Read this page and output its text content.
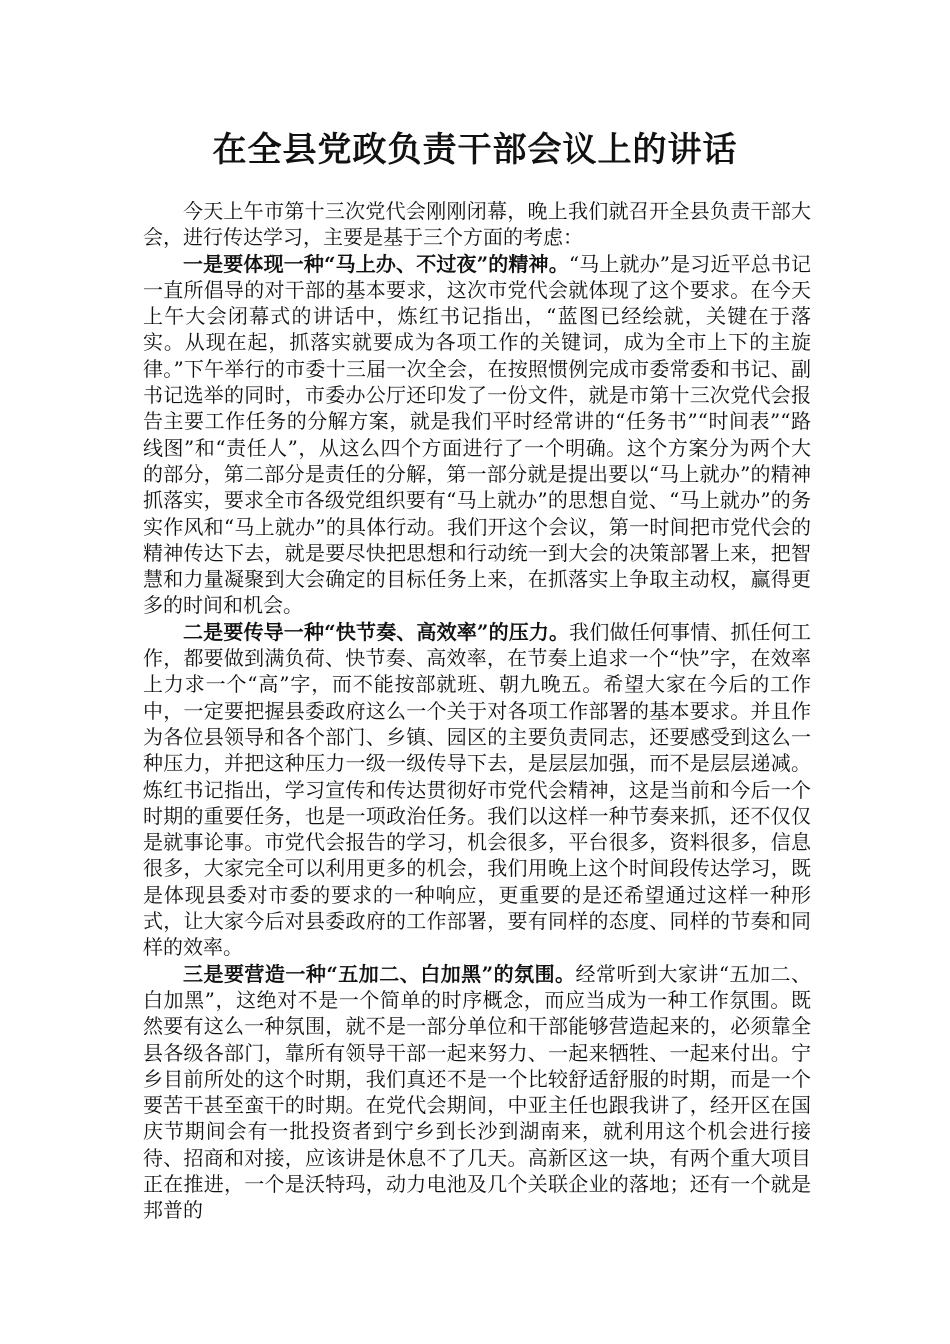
在全县党政负责干部会议上的讲话

今天上午市第十三次党代会刚刚闭幕，晚上我们就召开全县负责干部大会，进行传达学习，主要是基于三个方面的考虑：

一是要体现一种“马上办、不过夜”的精神。“马上就办”是习近平总书记一直所倡导的对干部的基本要求，这次市党代会就体现了这个要求。在今天上午大会闭幕式的讲话中，炼红书记指出，“蓝图已经绘就，关键在于落实。从现在起，抓落实就要成为各项工作的关键词，成为全市上下的主旋律。”下午举行的市委十三届一次全会，在按照惯例完成市委常委和书记、副书记选举的同时，市委办公厅还印发了一份文件，就是市第十三次党代会报告主要工作任务的分解方案，就是我们平时经常讲的“任务书”“时间表”“路线图”和“责任人”，从这么四个方面进行了一个明确。这个方案分为两个大的部分，第二部分是责任的分解，第一部分就是提出要以“马上就办”的精神抓落实，要求全市各级党组织要有“马上就办”的思想自觉、“马上就办”的务实作风和“马上就办”的具体行动。我们开这个会议，第一时间把市党代会的精神传达下去，就是要尽快把思想和行动统一到大会的决策部署上来，把智慧和力量凝聚到大会确定的目标任务上来，在抓落实上争取主动权，赢得更多的时间和机会。

二是要传导一种“快节奏、高效率”的压力。我们做任何事情、抓任何工作，都要做到满负荷、快节奏、高效率，在节奏上追求一个“快”字，在效率上力求一个“高”字，而不能按部就班、朝九晚五。希望大家在今后的工作中，一定要把握县委政府这么一个关于对各项工作部署的基本要求。并且作为各位县领导和各个部门、乡镇、园区的主要负责同志，还要感受到这么一种压力，并把这种压力一级一级传导下去，是层层加强，而不是层层递减。炼红书记指出，学习宣传和传达贯彻好市党代会精神，这是当前和今后一个时期的重要任务，也是一项政治任务。我们以这样一种节奏来抓，还不仅仅是就事论事。市党代会报告的学习，机会很多，平台很多，资料很多，信息很多，大家完全可以利用更多的机会，我们用晚上这个时间段传达学习，既是体现县委对市委的要求的一种响应，更重要的是还希望通过这样一种形式，让大家今后对县委政府的工作部署，要有同样的态度、同样的节奏和同样的效率。

三是要营造一种“五加二、白加黑”的氛围。经常听到大家讲“五加二、白加黑”，这绝对不是一个简单的时序概念，而应当成为一种工作氛围。既然要有这么一种氛围，就不是一部分单位和干部能够营造起来的，必须靠全县各级各部门，靠所有领导干部一起来努力、一起来牺牲、一起来付出。宁乡目前所处的这个时期，我们真还不是一个比较舒适舒服的时期，而是一个要苦干甚至蛮干的时期。在党代会期间，中亚主任也跟我讲了，经开区在国庆节期间会有一批投资者到宁乡到长沙到湖南来，就利用这个机会进行接待、招商和对接，应该讲是休息不了几天。高新区这一块，有两个重大项目正在推进，一个是沃特玛，动力电池及几个关联企业的落地；还有一个就是邦普的
